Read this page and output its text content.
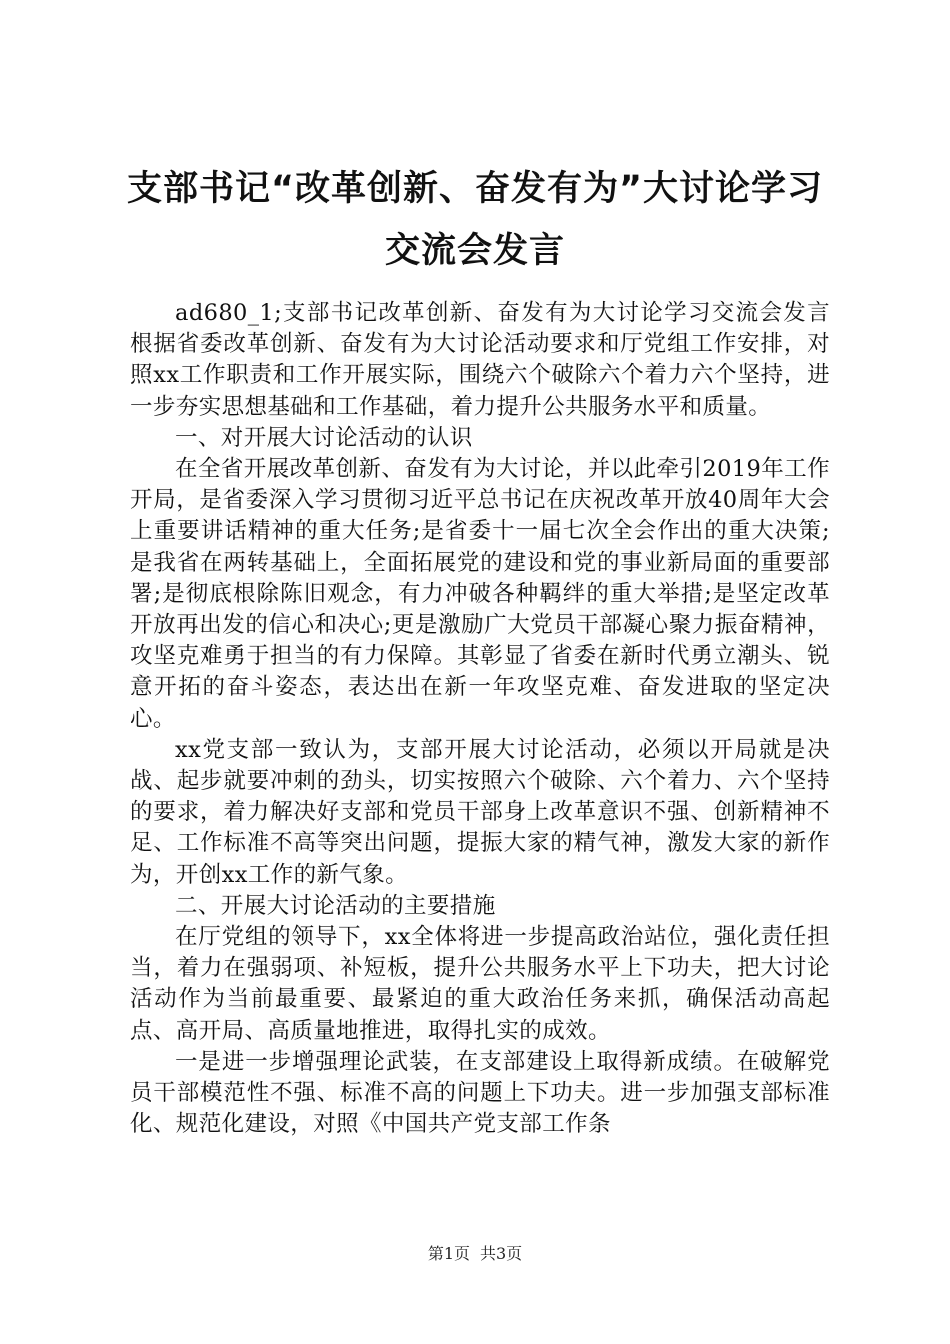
支部书记“改革创新、奋发有为”大讨论学习交流会发言

ad680_1;支部书记改革创新、奋发有为大讨论学习交流会发言根据省委改革创新、奋发有为大讨论活动要求和厅党组工作安排，对照xx工作职责和工作开展实际，围绕六个破除六个着力六个坚持，进一步夯实思想基础和工作基础，着力提升公共服务水平和质量。

一、对开展大讨论活动的认识

在全省开展改革创新、奋发有为大讨论，并以此牵引2019年工作开局，是省委深入学习贯彻习近平总书记在庆祝改革开放40周年大会上重要讲话精神的重大任务;是省委十一届七次全会作出的重大决策;是我省在两转基础上，全面拓展党的建设和党的事业新局面的重要部署;是彻底根除陈旧观念，有力冲破各种羁绊的重大举措;是坚定改革开放再出发的信心和决心;更是激励广大党员干部凝心聚力振奋精神，攻坚克难勇于担当的有力保障。其彰显了省委在新时代勇立潮头、锐意开拓的奋斗姿态，表达出在新一年攻坚克难、奋发进取的坚定决心。

xx党支部一致认为，支部开展大讨论活动，必须以开局就是决战、起步就要冲刺的劲头，切实按照六个破除、六个着力、六个坚持的要求，着力解决好支部和党员干部身上改革意识不强、创新精神不足、工作标准不高等突出问题，提振大家的精气神，激发大家的新作为，开创xx工作的新气象。

二、开展大讨论活动的主要措施

在厅党组的领导下，xx全体将进一步提高政治站位，强化责任担当，着力在强弱项、补短板，提升公共服务水平上下功夫，把大讨论活动作为当前最重要、最紧迫的重大政治任务来抓，确保活动高起点、高开局、高质量地推进，取得扎实的成效。

一是进一步增强理论武装，在支部建设上取得新成绩。在破解党员干部模范性不强、标准不高的问题上下功夫。进一步加强支部标准化、规范化建设，对照《中国共产党支部工作条

第1页 共3页
